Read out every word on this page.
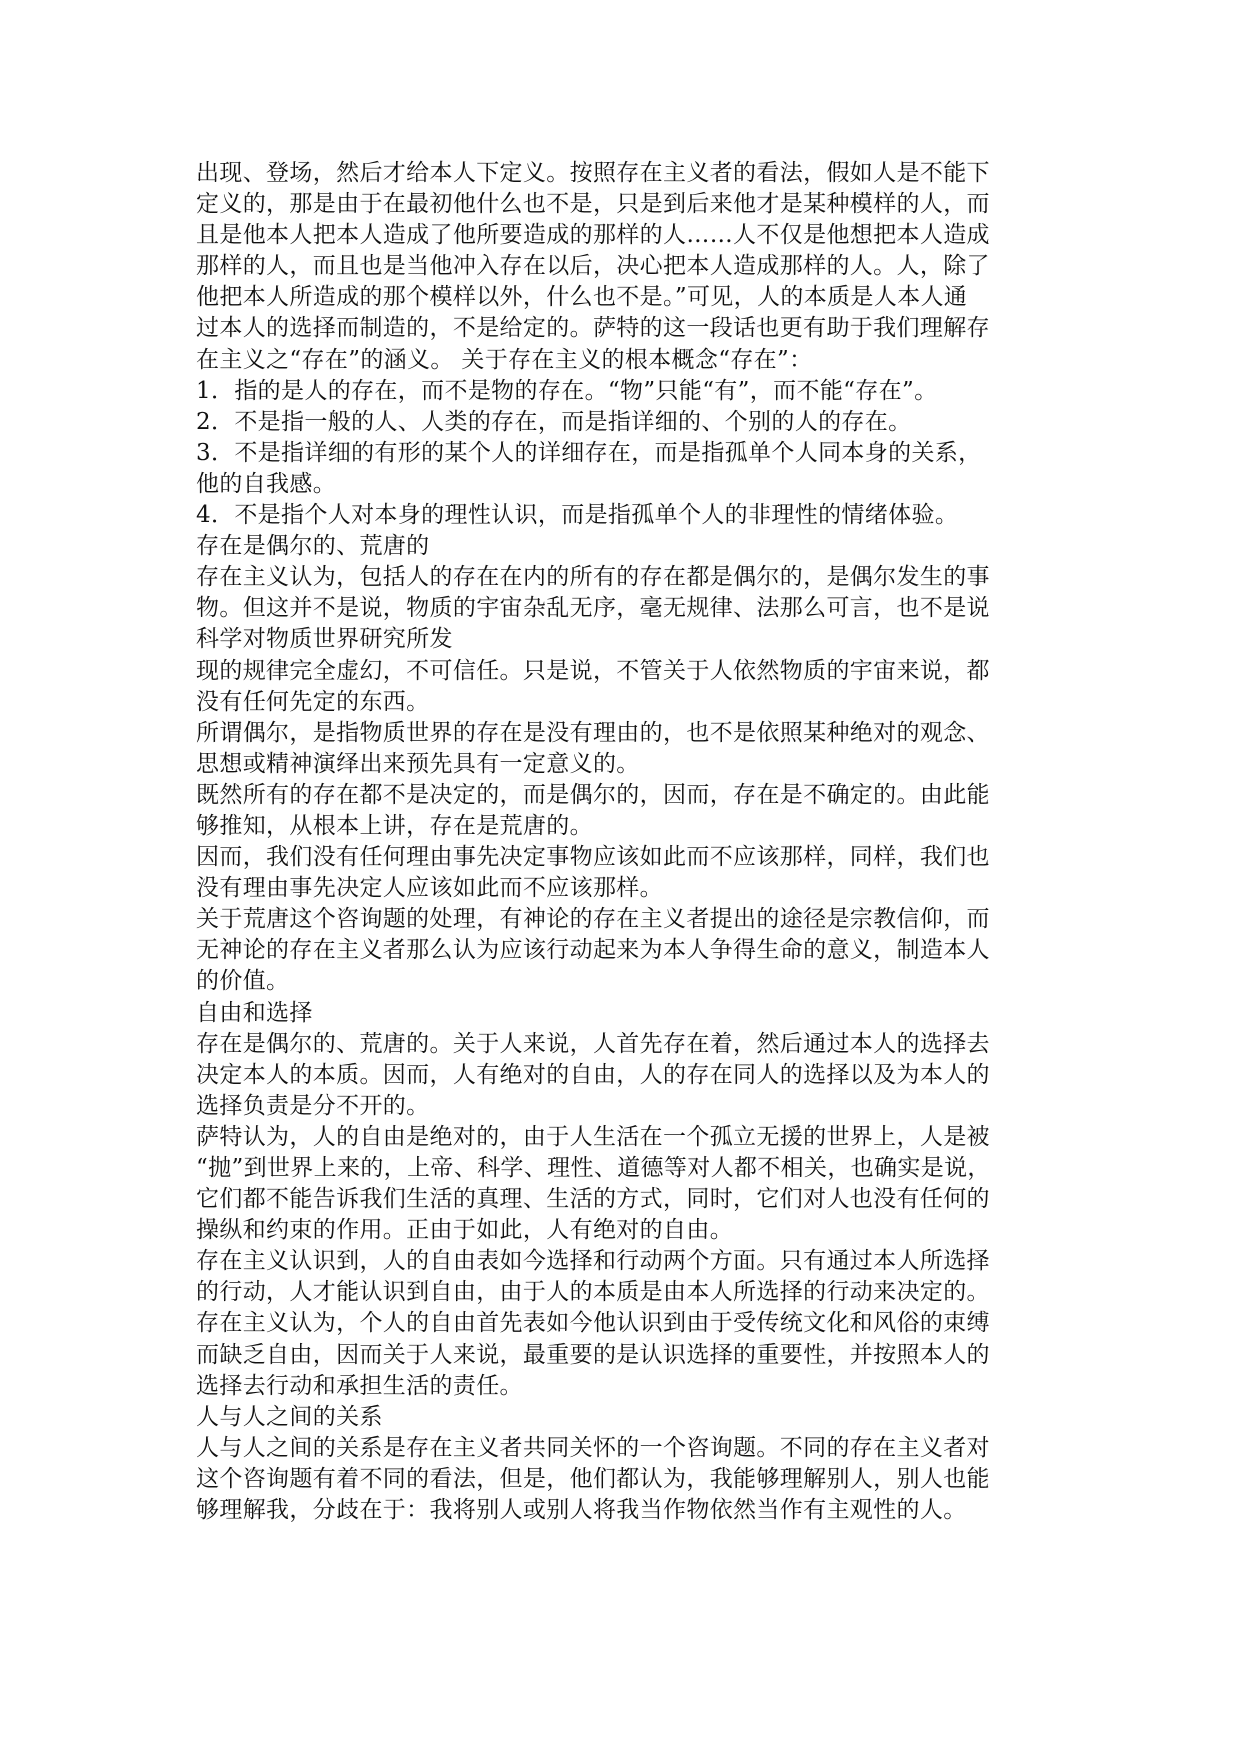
出现、登场，然后才给本人下定义。按照存在主义者的看法，假如人是不能下
定义的，那是由于在最初他什么也不是，只是到后来他才是某种模样的人，而
且是他本人把本人造成了他所要造成的那样的人……人不仅是他想把本人造成
那样的人，而且也是当他冲入存在以后，决心把本人造成那样的人。人，除了
他把本人所造成的那个模样以外，什么也不是。”可见，人的本质是人本人通
过本人的选择而制造的，不是给定的。萨特的这一段话也更有助于我们理解存
在主义之“存在”的涵义。 关于存在主义的根本概念“存在”：
1．指的是人的存在，而不是物的存在。“物”只能“有”，而不能“存在”。
2．不是指一般的人、人类的存在，而是指详细的、个别的人的存在。
3．不是指详细的有形的某个人的详细存在，而是指孤单个人同本身的关系，
他的自我感。
4．不是指个人对本身的理性认识，而是指孤单个人的非理性的情绪体验。
存在是偶尔的、荒唐的
存在主义认为，包括人的存在在内的所有的存在都是偶尔的，是偶尔发生的事
物。但这并不是说，物质的宇宙杂乱无序，毫无规律、法那么可言，也不是说
科学对物质世界研究所发
现的规律完全虚幻，不可信任。只是说，不管关于人依然物质的宇宙来说，都
没有任何先定的东西。
所谓偶尔，是指物质世界的存在是没有理由的，也不是依照某种绝对的观念、
思想或精神演绎出来预先具有一定意义的。
既然所有的存在都不是决定的，而是偶尔的，因而，存在是不确定的。由此能
够推知，从根本上讲，存在是荒唐的。
因而，我们没有任何理由事先决定事物应该如此而不应该那样，同样，我们也
没有理由事先决定人应该如此而不应该那样。
关于荒唐这个咨询题的处理，有神论的存在主义者提出的途径是宗教信仰，而
无神论的存在主义者那么认为应该行动起来为本人争得生命的意义，制造本人
的价值。
自由和选择
存在是偶尔的、荒唐的。关于人来说，人首先存在着，然后通过本人的选择去
决定本人的本质。因而，人有绝对的自由，人的存在同人的选择以及为本人的
选择负责是分不开的。
萨特认为，人的自由是绝对的，由于人生活在一个孤立无援的世界上，人是被
“抛”到世界上来的，上帝、科学、理性、道德等对人都不相关，也确实是说，
它们都不能告诉我们生活的真理、生活的方式，同时，它们对人也没有任何的
操纵和约束的作用。正由于如此，人有绝对的自由。
存在主义认识到，人的自由表如今选择和行动两个方面。只有通过本人所选择
的行动，人才能认识到自由，由于人的本质是由本人所选择的行动来决定的。
存在主义认为，个人的自由首先表如今他认识到由于受传统文化和风俗的束缚
而缺乏自由，因而关于人来说，最重要的是认识选择的重要性，并按照本人的
选择去行动和承担生活的责任。
人与人之间的关系
人与人之间的关系是存在主义者共同关怀的一个咨询题。不同的存在主义者对
这个咨询题有着不同的看法，但是，他们都认为，我能够理解别人，别人也能
够理解我，分歧在于：我将别人或别人将我当作物依然当作有主观性的人。
